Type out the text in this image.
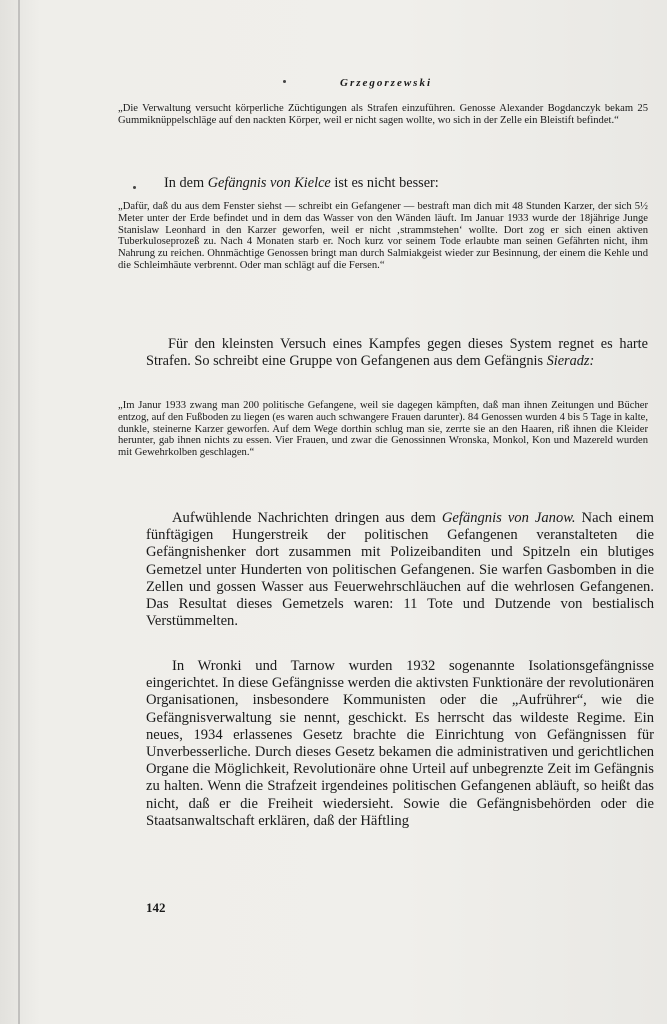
Grzegorzewski
„Die Verwaltung versucht körperliche Züchtigungen als Strafen einzuführen. Genosse Alexander Bogdanczyk bekam 25 Gummiknüppelschläge auf den nackten Körper, weil er nicht sagen wollte, wo sich in der Zelle ein Bleistift befindet.“
In dem Gefängnis von Kielce ist es nicht besser:
„Dafür, daß du aus dem Fenster siehst — schreibt ein Gefangener — bestraft man dich mit 48 Stunden Karzer, der sich 5½ Meter unter der Erde befindet und in dem das Wasser von den Wänden läuft. Im Januar 1933 wurde der 18jährige Junge Stanislaw Leonhard in den Karzer geworfen, weil er nicht ‚strammstehen‘ wollte. Dort zog er sich einen aktiven Tuberkuloseprozeß zu. Nach 4 Monaten starb er. Noch kurz vor seinem Tode erlaubte man seinen Gefährten nicht, ihm Nahrung zu reichen. Ohnmächtige Genossen bringt man durch Salmiakgeist wieder zur Besinnung, der einem die Kehle und die Schleimhäute verbrennt. Oder man schlägt auf die Fersen.“
Für den kleinsten Versuch eines Kampfes gegen dieses System regnet es harte Strafen. So schreibt eine Gruppe von Gefangenen aus dem Gefängnis Sieradz:
„Im Janur 1933 zwang man 200 politische Gefangene, weil sie dagegen kämpften, daß man ihnen Zeitungen und Bücher entzog, auf den Fußboden zu liegen (es waren auch schwangere Frauen darunter). 84 Genossen wurden 4 bis 5 Tage in kalte, dunkle, steinerne Karzer geworfen. Auf dem Wege dorthin schlug man sie, zerrte sie an den Haaren, riß ihnen die Kleider herunter, gab ihnen nichts zu essen. Vier Frauen, und zwar die Genossinnen Wronska, Monkol, Kon und Mazereld wurden mit Gewehrkolben geschlagen.“
Aufwühlende Nachrichten dringen aus dem Gefängnis von Janow. Nach einem fünftägigen Hungerstreik der politischen Gefangenen veranstalteten die Gefängnishenker dort zusammen mit Polizeibanditen und Spitzeln ein blutiges Gemetzel unter Hunderten von politischen Gefangenen. Sie warfen Gasbomben in die Zellen und gossen Wasser aus Feuerwehrschläuchen auf die wehrlosen Gefangenen. Das Resultat dieses Gemetzels waren: 11 Tote und Dutzende von bestialisch Verstümmelten.
In Wronki und Tarnow wurden 1932 sogenannte Isolationsgefängnisse eingerichtet. In diese Gefängnisse werden die aktivsten Funktionäre der revolutionären Organisationen, insbesondere Kommunisten oder die „Aufrührer“, wie die Gefängnisverwaltung sie nennt, geschickt. Es herrscht das wildeste Regime. Ein neues, 1934 erlassenes Gesetz brachte die Einrichtung von Gefängnissen für Unverbesserliche. Durch dieses Gesetz bekamen die administrativen und gerichtlichen Organe die Möglichkeit, Revolutionäre ohne Urteil auf unbegrenzte Zeit im Gefängnis zu halten. Wenn die Strafzeit irgendeines politischen Gefangenen abläuft, so heißt das nicht, daß er die Freiheit wiedersieht. Sowie die Gefängnisbehörden oder die Staatsanwaltschaft erklären, daß der Häftling
142
